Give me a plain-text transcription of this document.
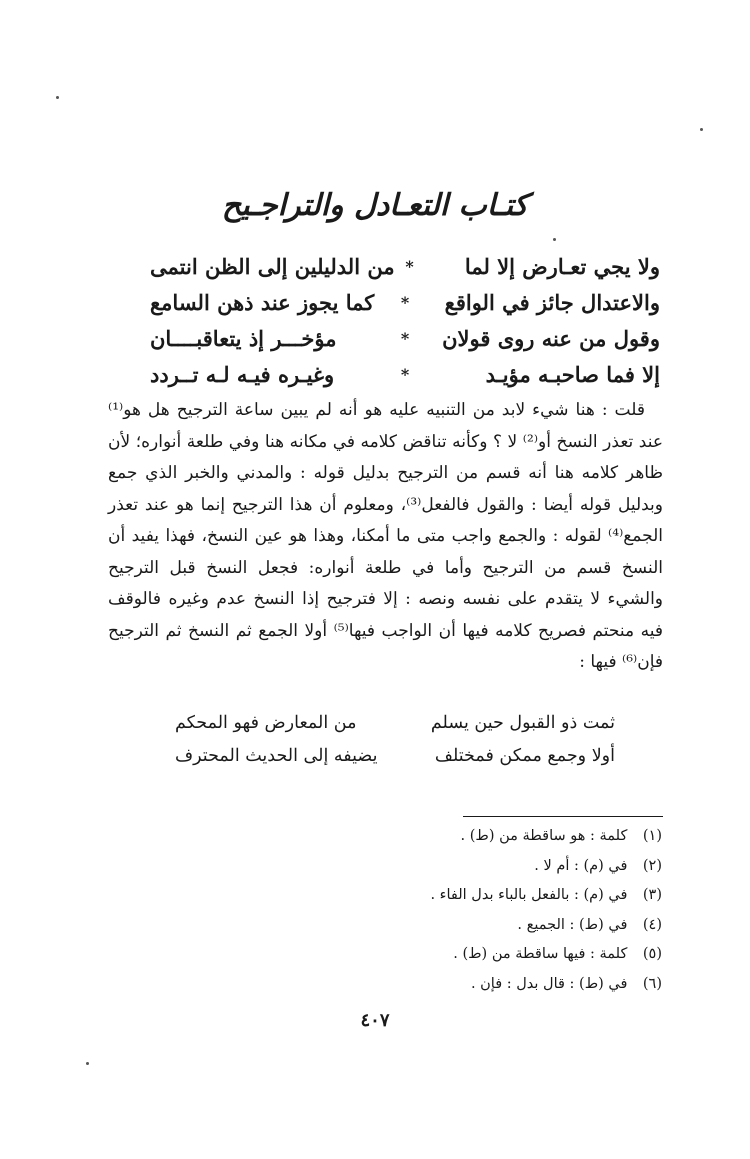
كتـاب التعـادل والتراجـيح
ولا يجي تعـارض إلا لما
*
من الدليلين إلى الظن انتمى
والاعتدال جائز في الواقع
*
كما يجوز عند ذهن السامع
وقول من عنه روى قولان
*
مؤخـــر إذ يتعاقبــــان
إلا فما صاحبـه مؤيـد
*
وغيـره فيـه لـه تــردد

قلت : هنا شيء لابد من التنبيه عليه هو أنه لم يبين ساعة الترجيح هل هو⁽¹⁾ عند تعذر النسخ أو⁽²⁾ لا ؟ وكأنه تناقض كلامه في مكانه هنا وفي طلعة أنواره؛ لأن ظاهر كلامه هنا أنه قسم من الترجيح بدليل قوله : والمدني والخبر الذي جمع وبدليل قوله أيضا : والقول فالفعل⁽³⁾، ومعلوم أن هذا الترجيح إنما هو عند تعذر الجمع⁽⁴⁾ لقوله : والجمع واجب متى ما أمكنا، وهذا هو عين النسخ، فهذا يفيد أن النسخ قسم من الترجيح وأما في طلعة أنواره: فجعل النسخ قبل الترجيح والشيء لا يتقدم على نفسه ونصه : إلا فترجيح إذا النسخ عدم وغيره فالوقف فيه منحتم فصريح كلامه فيها أن الواجب فيها⁽⁵⁾ أولا الجمع ثم النسخ ثم الترجيح فإن⁽⁶⁾ فيها :

ثمت ذو القبول حين يسلم
من المعارض فهو المحكم
أولا وجمع ممكن فمختلف
يضيفه إلى الحديث المحترف
(١) كلمة : هو ساقطة من (ط) .
(٢) في (م) : أم لا .
(٣) في (م) : بالفعل بالباء بدل الفاء .
(٤) في (ط) : الجميع .
(٥) كلمة : فيها ساقطة من (ط) .
(٦) في (ط) : قال بدل : فإن .
٤٠٧
